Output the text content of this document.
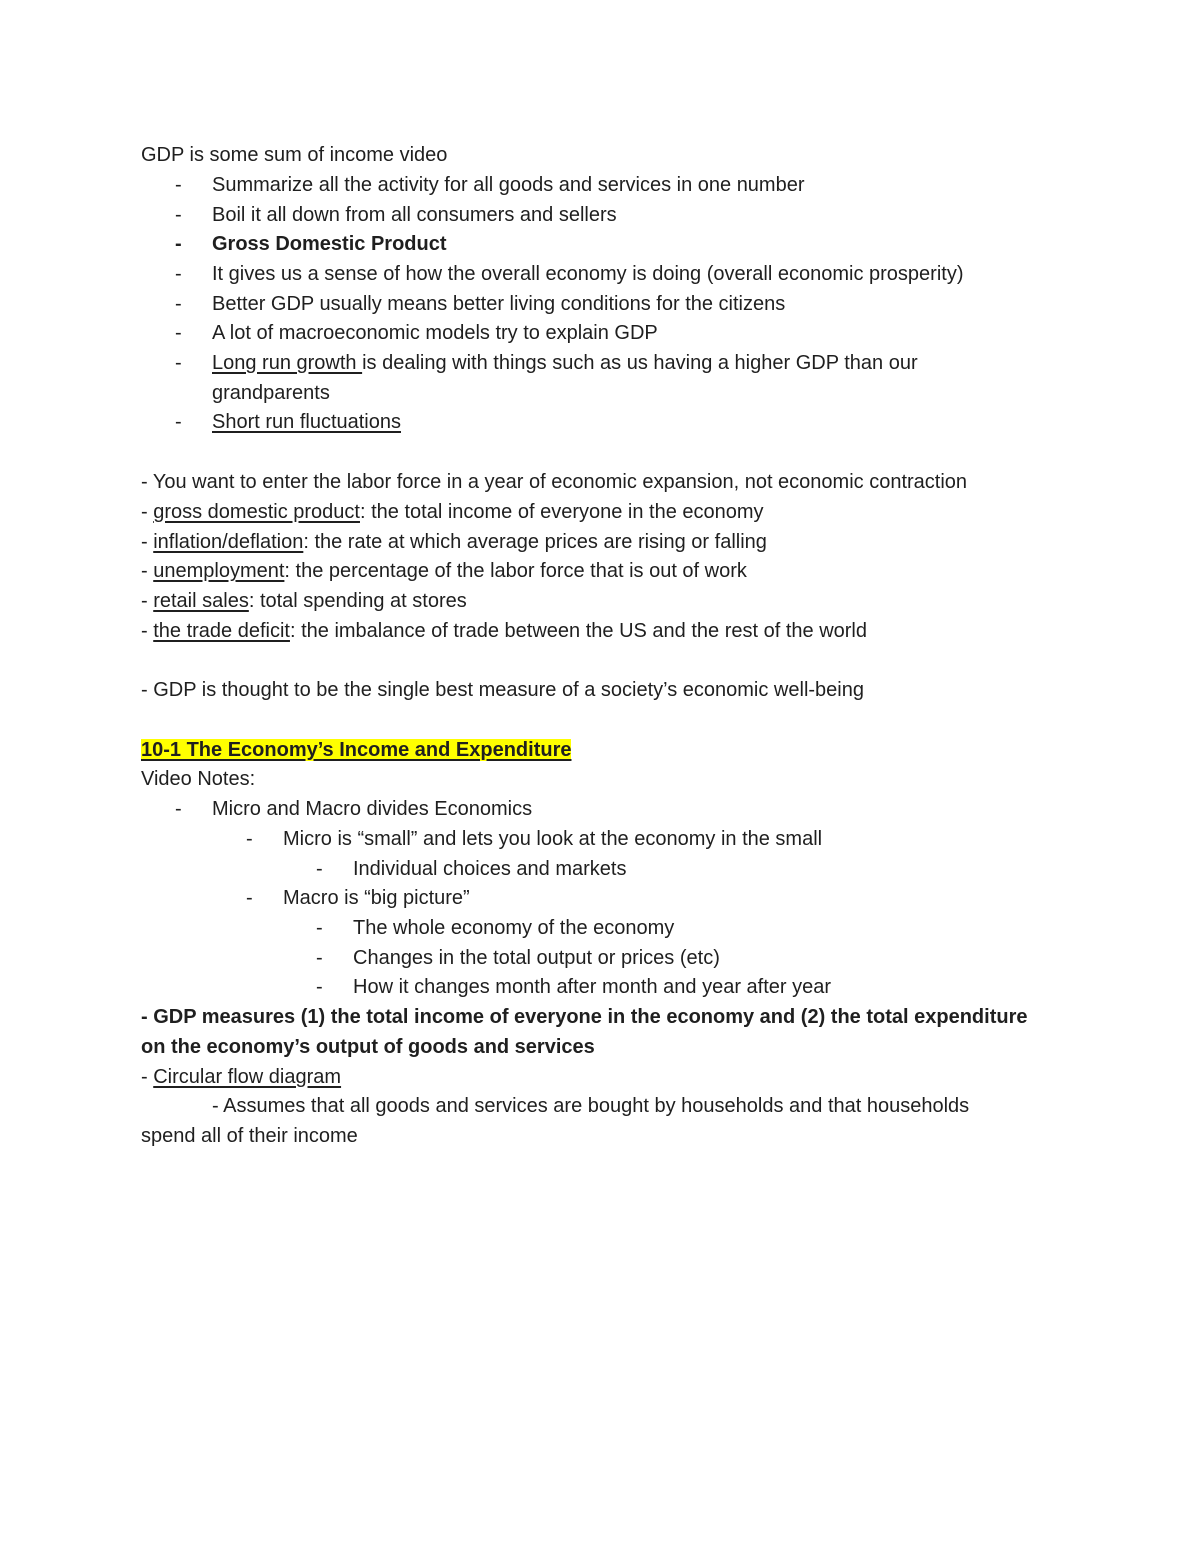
GDP is some sum of income video
- Summarize all the activity for all goods and services in one number
- Boil it all down from all consumers and sellers
- Gross Domestic Product
- It gives us a sense of how the overall economy is doing (overall economic prosperity)
- Better GDP usually means better living conditions for the citizens
- A lot of macroeconomic models try to explain GDP
- Long run growth is dealing with things such as us having a higher GDP than our
grandparents
- Short run fluctuations
- You want to enter the labor force in a year of economic expansion, not economic contraction
- gross domestic product: the total income of everyone in the economy
- inflation/deflation: the rate at which average prices are rising or falling
- unemployment: the percentage of the labor force that is out of work
- retail sales: total spending at stores
- the trade deficit: the imbalance of trade between the US and the rest of the world
- GDP is thought to be the single best measure of a society’s economic well-being
10-1 The Economy’s Income and Expenditure
Video Notes:
- Micro and Macro divides Economics
- Micro is “small” and lets you look at the economy in the small
- Individual choices and markets
- Macro is “big picture”
- The whole economy of the economy
- Changes in the total output or prices (etc)
- How it changes month after month and year after year
- GDP measures (1) the total income of everyone in the economy and (2) the total expenditure
on the economy’s output of goods and services
- Circular flow diagram
- Assumes that all goods and services are bought by households and that households
spend all of their income
